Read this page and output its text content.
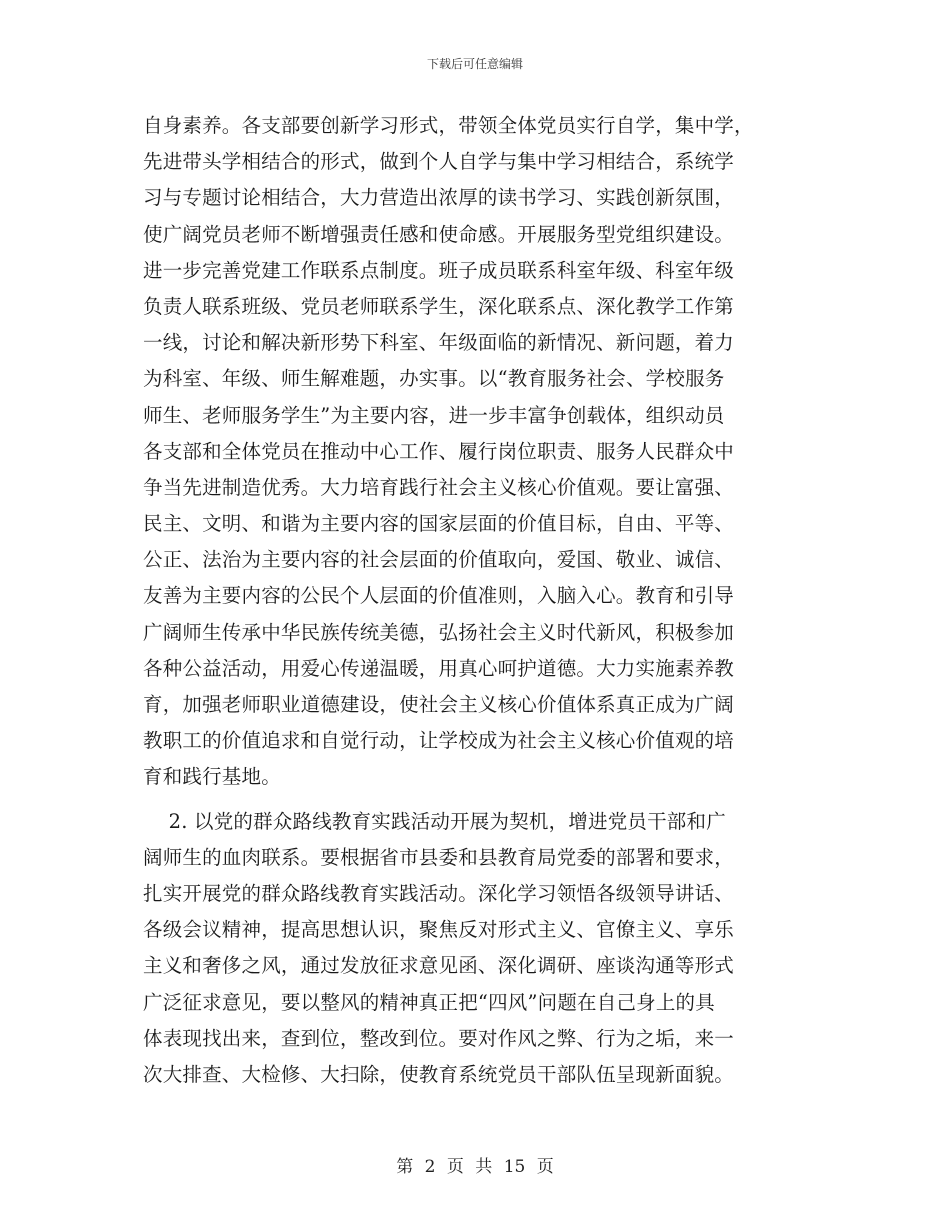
下载后可任意编辑
自身素养。各支部要创新学习形式，带领全体党员实行自学，集中学，
先进带头学相结合的形式，做到个人自学与集中学习相结合，系统学
习与专题讨论相结合，大力营造出浓厚的读书学习、实践创新氛围，
使广阔党员老师不断增强责任感和使命感。开展服务型党组织建设。
进一步完善党建工作联系点制度。班子成员联系科室年级、科室年级
负责人联系班级、党员老师联系学生，深化联系点、深化教学工作第
一线，讨论和解决新形势下科室、年级面临的新情况、新问题，着力
为科室、年级、师生解难题，办实事。以“教育服务社会、学校服务
师生、老师服务学生”为主要内容，进一步丰富争创载体，组织动员
各支部和全体党员在推动中心工作、履行岗位职责、服务人民群众中
争当先进制造优秀。大力培育践行社会主义核心价值观。要让富强、
民主、文明、和谐为主要内容的国家层面的价值目标，自由、平等、
公正、法治为主要内容的社会层面的价值取向，爱国、敬业、诚信、
友善为主要内容的公民个人层面的价值准则，入脑入心。教育和引导
广阔师生传承中华民族传统美德，弘扬社会主义时代新风，积极参加
各种公益活动，用爱心传递温暖，用真心呵护道德。大力实施素养教
育，加强老师职业道德建设，使社会主义核心价值体系真正成为广阔
教职工的价值追求和自觉行动，让学校成为社会主义核心价值观的培
育和践行基地。
2. 以党的群众路线教育实践活动开展为契机，增进党员干部和广
阔师生的血肉联系。要根据省市县委和县教育局党委的部署和要求，
扎实开展党的群众路线教育实践活动。深化学习领悟各级领导讲话、
各级会议精神，提高思想认识，聚焦反对形式主义、官僚主义、享乐
主义和奢侈之风，通过发放征求意见函、深化调研、座谈沟通等形式
广泛征求意见，要以整风的精神真正把“四风”问题在自己身上的具
体表现找出来，查到位，整改到位。要对作风之弊、行为之垢，来一
次大排查、大检修、大扫除，使教育系统党员干部队伍呈现新面貌。
第 2 页 共 15 页
